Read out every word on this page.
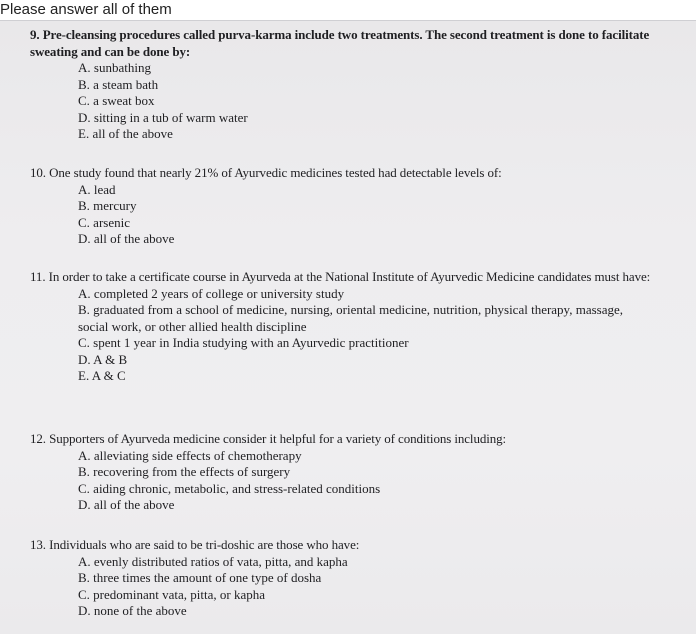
Please answer all of them
9. Pre-cleansing procedures called purva-karma include two treatments. The second treatment is done to facilitate sweating and can be done by:
A. sunbathing
B. a steam bath
C. a sweat box
D. sitting in a tub of warm water
E. all of the above
10. One study found that nearly 21% of Ayurvedic medicines tested had detectable levels of:
A. lead
B. mercury
C. arsenic
D. all of the above
11. In order to take a certificate course in Ayurveda at the National Institute of Ayurvedic Medicine candidates must have:
A. completed 2 years of college or university study
B. graduated from a school of medicine, nursing, oriental medicine, nutrition, physical therapy, massage, social work, or other allied health discipline
C. spent 1 year in India studying with an Ayurvedic practitioner
D. A & B
E. A & C
12. Supporters of Ayurveda medicine consider it helpful for a variety of conditions including:
A. alleviating side effects of chemotherapy
B. recovering from the effects of surgery
C. aiding chronic, metabolic, and stress-related conditions
D. all of the above
13. Individuals who are said to be tri-doshic are those who have:
A. evenly distributed ratios of vata, pitta, and kapha
B. three times the amount of one type of dosha
C. predominant vata, pitta, or kapha
D. none of the above
